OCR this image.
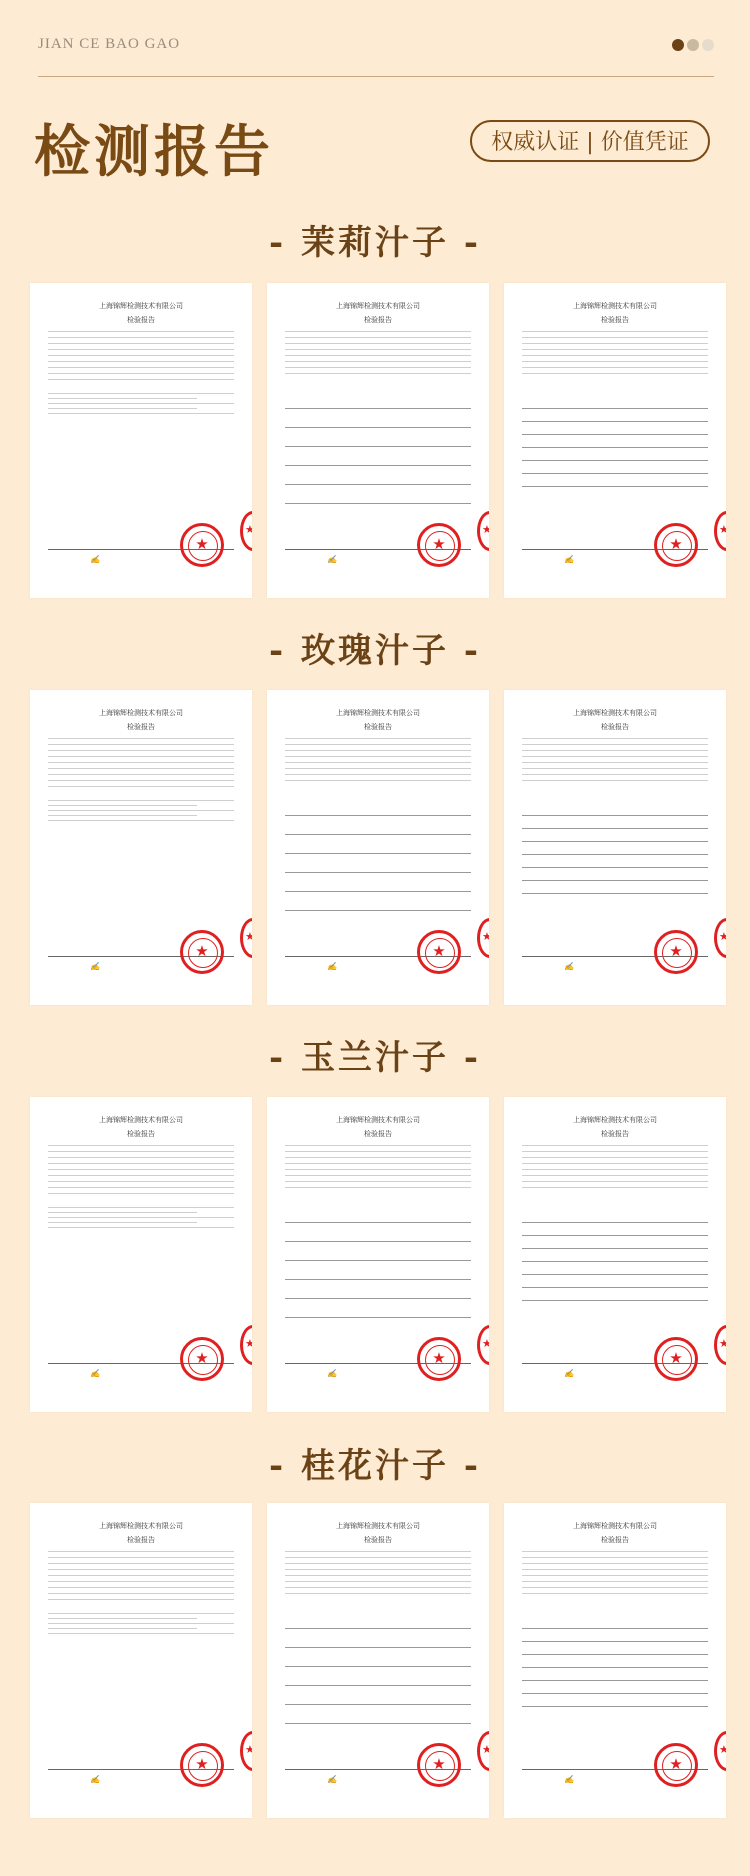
JIAN CE BAO GAO
检测报告	权威认证 | 价值凭证
- 茉莉汁子 -
上海锦辉检测技术有限公司
检验报告
✍
★
★
上海锦辉检测技术有限公司
检验报告
✍
★
★
上海锦辉检测技术有限公司
检验报告
✍
★
★
- 玫瑰汁子 -
上海锦辉检测技术有限公司
检验报告
✍
★
★
上海锦辉检测技术有限公司
检验报告
✍
★
★
上海锦辉检测技术有限公司
检验报告
✍
★
★
- 玉兰汁子 -
上海锦辉检测技术有限公司
检验报告
✍
★
★
上海锦辉检测技术有限公司
检验报告
✍
★
★
上海锦辉检测技术有限公司
检验报告
✍
★
★
- 桂花汁子 -
上海锦辉检测技术有限公司
检验报告
✍
★
★
上海锦辉检测技术有限公司
检验报告
✍
★
★
上海锦辉检测技术有限公司
检验报告
✍
★
★
